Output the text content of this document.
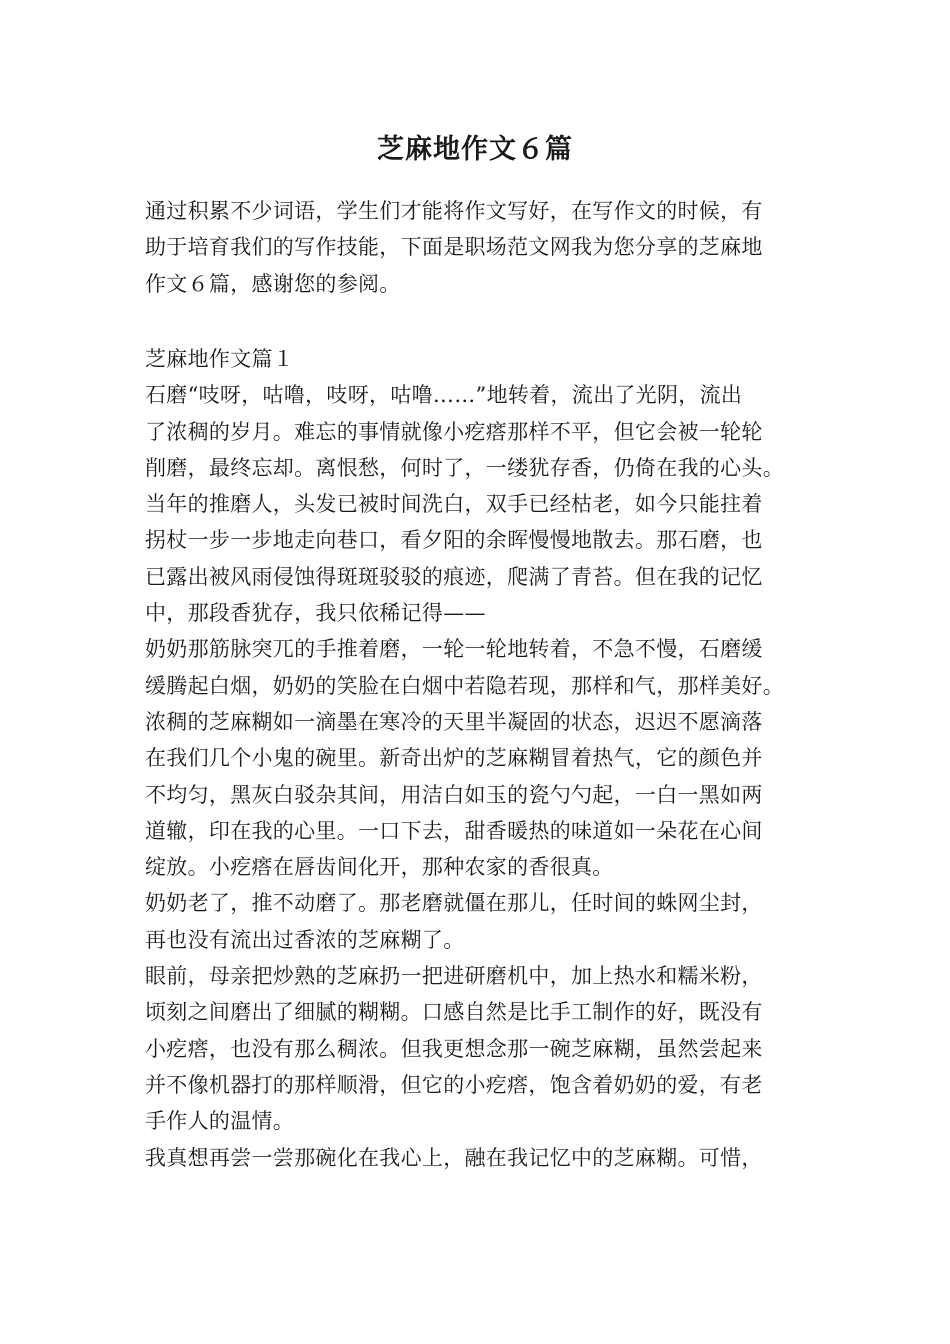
芝麻地作文６篇
通过积累不少词语，学生们才能将作文写好，在写作文的时候，有
助于培育我们的写作技能，下面是职场范文网我为您分享的芝麻地
作文６篇，感谢您的参阅。
芝麻地作文篇１
石磨“吱呀，咕噜，吱呀，咕噜……”地转着，流出了光阴，流出
了浓稠的岁月。难忘的事情就像小疙瘩那样不平，但它会被一轮轮
削磨，最终忘却。离恨愁，何时了，一缕犹存香，仍倚在我的心头。
当年的推磨人，头发已被时间洗白，双手已经枯老，如今只能拄着
拐杖一步一步地走向巷口，看夕阳的余晖慢慢地散去。那石磨，也
已露出被风雨侵蚀得斑斑驳驳的痕迹，爬满了青苔。但在我的记忆
中，那段香犹存，我只依稀记得——
奶奶那筋脉突兀的手推着磨，一轮一轮地转着，不急不慢，石磨缓
缓腾起白烟，奶奶的笑脸在白烟中若隐若现，那样和气，那样美好。
浓稠的芝麻糊如一滴墨在寒冷的天里半凝固的状态，迟迟不愿滴落
在我们几个小鬼的碗里。新奇出炉的芝麻糊冒着热气，它的颜色并
不均匀，黑灰白驳杂其间，用洁白如玉的瓷勺勺起，一白一黑如两
道辙，印在我的心里。一口下去，甜香暖热的味道如一朵花在心间
绽放。小疙瘩在唇齿间化开，那种农家的香很真。
奶奶老了，推不动磨了。那老磨就僵在那儿，任时间的蛛网尘封，
再也没有流出过香浓的芝麻糊了。
眼前，母亲把炒熟的芝麻扔一把进研磨机中，加上热水和糯米粉，
顷刻之间磨出了细腻的糊糊。口感自然是比手工制作的好，既没有
小疙瘩，也没有那么稠浓。但我更想念那一碗芝麻糊，虽然尝起来
并不像机器打的那样顺滑，但它的小疙瘩，饱含着奶奶的爱，有老
手作人的温情。
我真想再尝一尝那碗化在我心上，融在我记忆中的芝麻糊。可惜，
